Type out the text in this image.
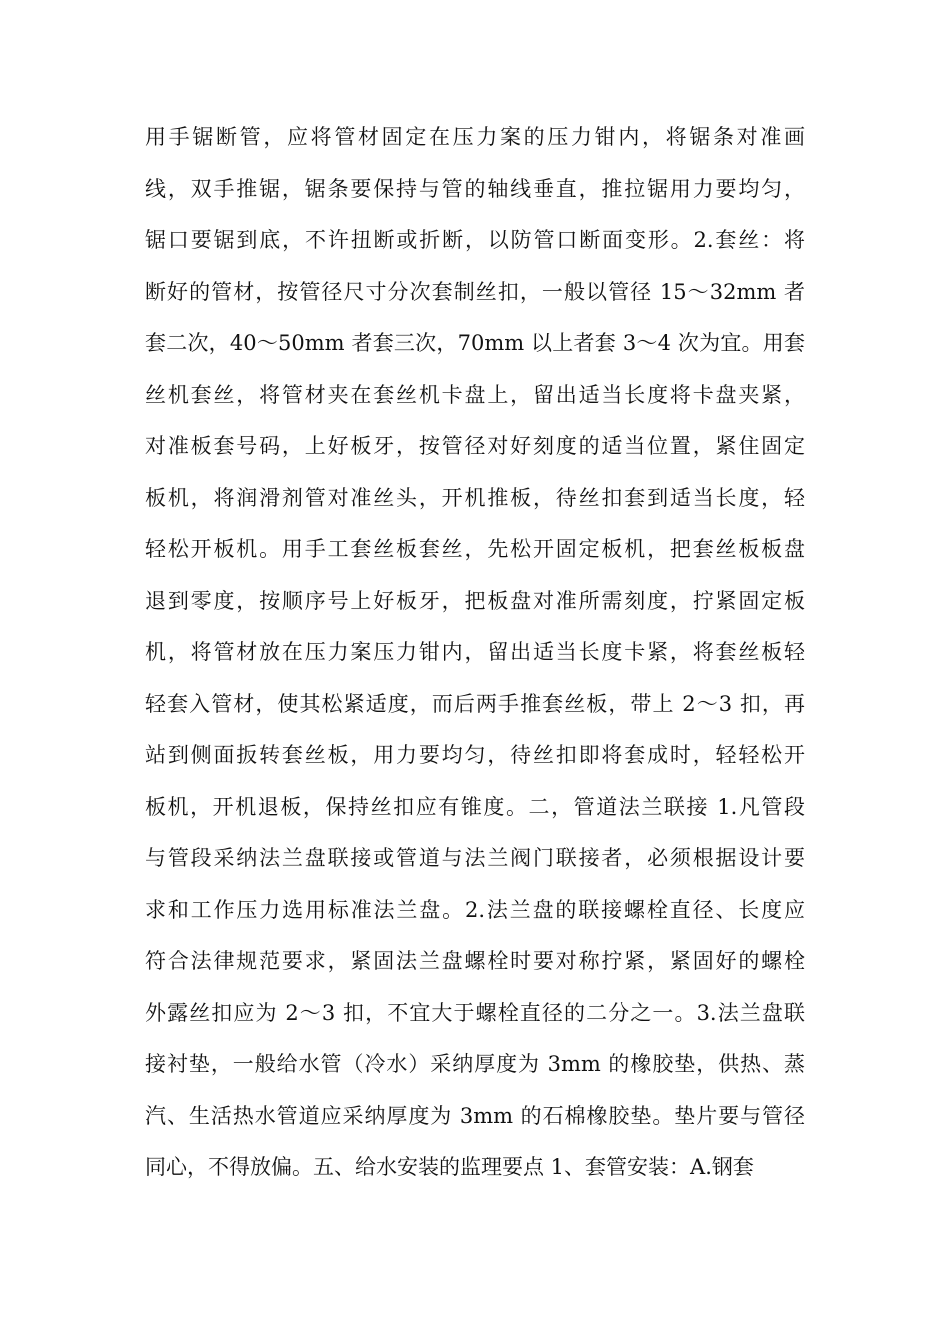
用手锯断管，应将管材固定在压力案的压力钳内，将锯条对准画
线，双手推锯，锯条要保持与管的轴线垂直，推拉锯用力要均匀，
锯口要锯到底，不许扭断或折断，以防管口断面变形。2.套丝：将
断好的管材，按管径尺寸分次套制丝扣，一般以管径 15～32mm 者
套二次，40～50mm 者套三次，70mm 以上者套 3～4 次为宜。用套
丝机套丝，将管材夹在套丝机卡盘上，留出适当长度将卡盘夹紧，
对准板套号码，上好板牙，按管径对好刻度的适当位置，紧住固定
板机，将润滑剂管对准丝头，开机推板，待丝扣套到适当长度，轻
轻松开板机。用手工套丝板套丝，先松开固定板机，把套丝板板盘
退到零度，按顺序号上好板牙，把板盘对准所需刻度，拧紧固定板
机，将管材放在压力案压力钳内，留出适当长度卡紧，将套丝板轻
轻套入管材，使其松紧适度，而后两手推套丝板，带上 2～3 扣，再
站到侧面扳转套丝板，用力要均匀，待丝扣即将套成时，轻轻松开
板机，开机退板，保持丝扣应有锥度。二，管道法兰联接 1.凡管段
与管段采纳法兰盘联接或管道与法兰阀门联接者，必须根据设计要
求和工作压力选用标准法兰盘。2.法兰盘的联接螺栓直径、长度应
符合法律规范要求，紧固法兰盘螺栓时要对称拧紧，紧固好的螺栓
外露丝扣应为 2～3 扣，不宜大于螺栓直径的二分之一。3.法兰盘联
接衬垫，一般给水管（冷水）采纳厚度为 3mm 的橡胶垫，供热、蒸
汽、生活热水管道应采纳厚度为 3mm 的石棉橡胶垫。垫片要与管径
同心，不得放偏。五、给水安装的监理要点 1、套管安装：A.钢套
